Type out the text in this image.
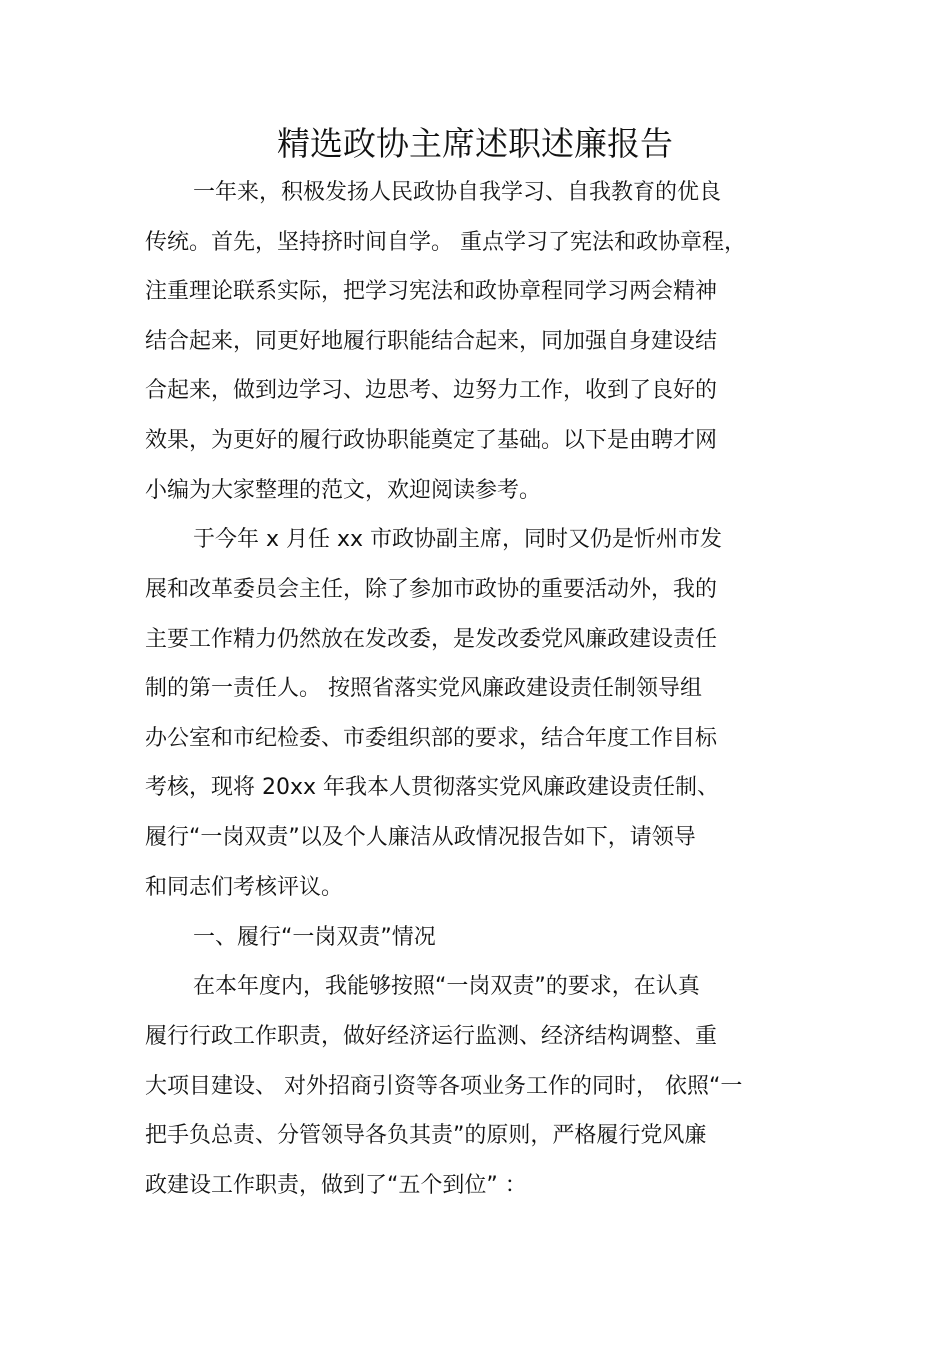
精选政协主席述职述廉报告
一年来，积极发扬人民政协自我学习、自我教育的优良
传统。首先，坚持挤时间自学。 重点学习了宪法和政协章程，
注重理论联系实际，把学习宪法和政协章程同学习两会精神
结合起来，同更好地履行职能结合起来，同加强自身建设结
合起来，做到边学习、边思考、边努力工作，收到了良好的
效果，为更好的履行政协职能奠定了基础。以下是由聘才网
小编为大家整理的范文，欢迎阅读参考。
于今年 x 月任 xx 市政协副主席，同时又仍是忻州市发
展和改革委员会主任，除了参加市政协的重要活动外，我的
主要工作精力仍然放在发改委，是发改委党风廉政建设责任
制的第一责任人。 按照省落实党风廉政建设责任制领导组
办公室和市纪检委、市委组织部的要求，结合年度工作目标
考核，现将 20xx 年我本人贯彻落实党风廉政建设责任制、
履行“一岗双责”以及个人廉洁从政情况报告如下，请领导
和同志们考核评议。
一、履行“一岗双责”情况
在本年度内，我能够按照“一岗双责”的要求，在认真
履行行政工作职责，做好经济运行监测、经济结构调整、重
大项目建设、 对外招商引资等各项业务工作的同时， 依照“一
把手负总责、分管领导各负其责”的原则，严格履行党风廉
政建设工作职责，做到了“五个到位” ：
